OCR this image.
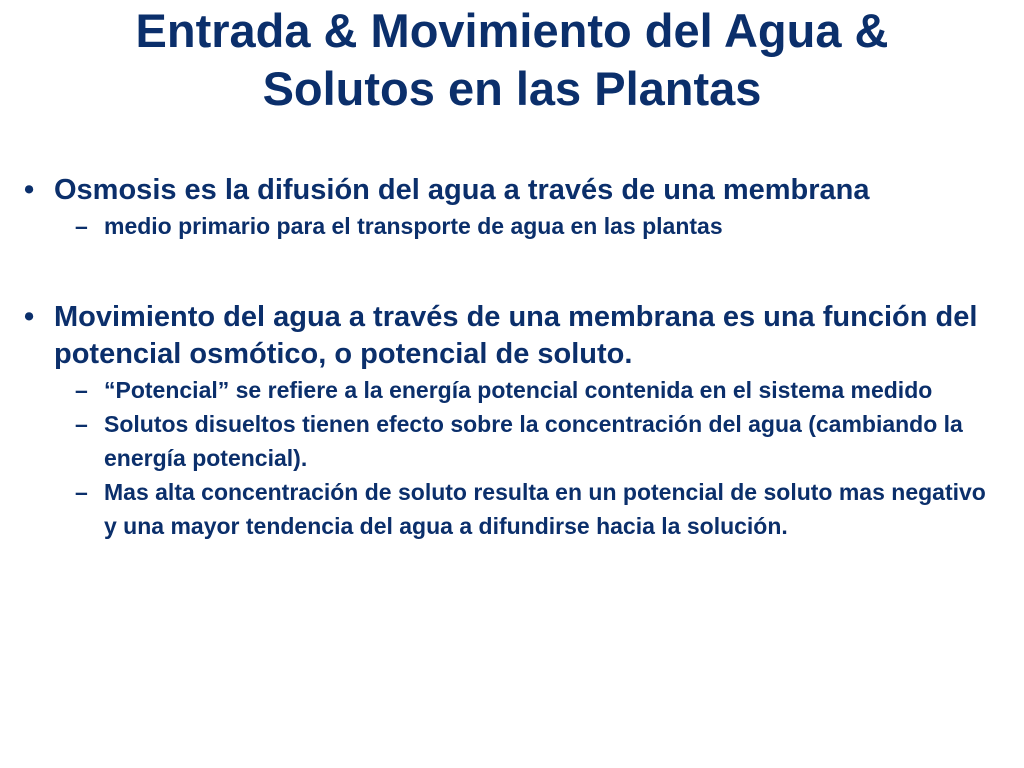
Entrada & Movimiento del Agua &
Solutos en las Plantas
• Osmosis es la difusión del agua a través de una membrana
– medio primario para el transporte de agua en las plantas
• Movimiento del agua a través de una membrana es una función del potencial osmótico, o potencial de soluto.
– “Potencial” se refiere a la energía potencial contenida en el sistema medido
– Solutos disueltos tienen efecto sobre la concentración del agua (cambiando la energía potencial).
– Mas alta concentración de soluto resulta en un potencial de soluto mas negativo y una mayor tendencia del agua a difundirse hacia la solución.
